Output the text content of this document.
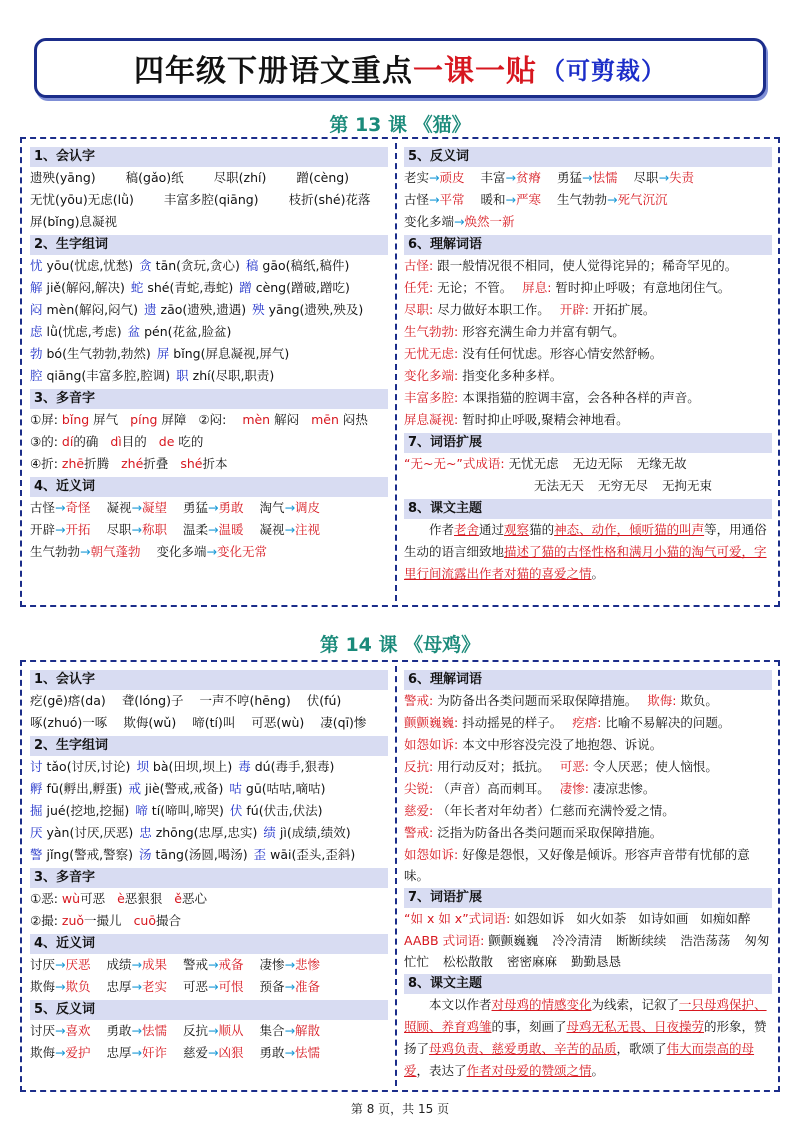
四年级下册语文重点 一课一贴 （可剪裁）
第 13 课 《猫》
1、会认字
遗殃(yāng) 稿(gǎo)纸 尽职(zhí) 蹭(cèng)
无忧(yōu)无虑(lǜ) 丰富多腔(qiāng) 枝折(shé)花落
屏(bǐng)息凝视
2、生字组词
忧 yōu(忧虑,忧愁) 贪 tān(贪玩,贪心) 稿 gāo(稿纸,稿件)
解 jiě(解闷,解决) 蛇 shé(青蛇,毒蛇) 蹭 cèng(蹭破,蹭吃)
闷 mèn(解闷,闷气) 遗 zāo(遗殃,遗遇) 殃 yāng(遗殃,殃及)
虑 lǜ(忧虑,考虑) 盆 pén(花盆,脸盆)
勃 bó(生气勃勃,勃然) 屏 bǐng(屏息凝视,屏气)
腔 qiāng(丰富多腔,腔调) 职 zhí(尽职,职责)
3、多音字
①屏: bǐng 屏气 píng 屏障 ②闷: mèn 解闷 mēn 闷热
③的: dí的确 dì目的 de 吃的
④折: zhē折腾 zhé折叠 shé折本
4、近义词
古怪→奇怪 凝视→凝望 勇猛→勇敢 淘气→调皮
开辟→开拓 尽职→称职 温柔→温暖 凝视→注视
生气勃勃→朝气蓬勃 变化多端→变化无常
5、反义词
老实→顽皮 丰富→贫瘠 勇猛→怯懦 尽职→失责
古怪→平常 暖和→严寒 生气勃勃→死气沉沉
变化多端→焕然一新
6、理解词语
古怪: 跟一般情况很不相同，使人觉得诧异的；稀奇罕见的。
任凭: 无论；不管。 屏息: 暂时抑止呼吸；有意地闭住气。
尽职: 尽力做好本职工作。 开辟: 开拓扩展。
生气勃勃: 形容充满生命力并富有朝气。
无忧无虑: 没有任何忧虑。形容心情安然舒畅。
变化多端: 指变化多种多样。
丰富多腔: 本课指猫的腔调丰富，会各种各样的声音。
屏息凝视: 暂时抑止呼吸,聚精会神地看。
7、词语扩展
“无~无~”式成语: 无忧无虑 无边无际 无缘无故
无法无天 无穷无尽 无拘无束
8、课文主题
作者老舍通过观察猫的神态、动作，倾听猫的叫声等，用通俗生动的语言细致地描述了猫的古怪性格和满月小猫的淘气可爱，字里行间流露出作者对猫的喜爱之情。
第 14 课 《母鸡》
1、会认字
疙(gē)瘩(da) 聋(lóng)子 一声不哼(hēng) 伏(fú)
啄(zhuó)一啄 欺侮(wǔ) 啼(tí)叫 可恶(wù) 凄(qī)惨
2、生字组词
讨 tǎo(讨厌,讨论) 坝 bà(田坝,坝上) 毒 dú(毒手,狠毒)
孵 fū(孵出,孵蛋) 戒 jiè(警戒,戒备) 咕 gū(咕咕,嘀咕)
掘 jué(挖地,挖掘) 啼 tí(啼叫,啼哭) 伏 fú(伏击,伏法)
厌 yàn(讨厌,厌恶) 忠 zhōng(忠厚,忠实) 绩 jì(成绩,绩效)
警 jǐng(警戒,警察) 汤 tāng(汤圆,喝汤) 歪 wāi(歪头,歪斜)
3、多音字
①恶: wù可恶 è恶狠狠 ě恶心
②撮: zuǒ一撮儿 cuō撮合
4、近义词
讨厌→厌恶 成绩→成果 警戒→戒备 凄惨→悲惨
欺侮→欺负 忠厚→老实 可恶→可恨 预备→准备
5、反义词
讨厌→喜欢 勇敢→怯懦 反抗→顺从 集合→解散
欺侮→爱护 忠厚→奸诈 慈爱→凶狠 勇敢→怯懦
6、理解词语
警戒: 为防备出各类问题而采取保障措施。 欺侮: 欺负。
颤颤巍巍: 抖动摇晃的样子。 疙瘩: 比喻不易解决的问题。
如怨如诉: 本文中形容没完没了地抱怨、诉说。
反抗: 用行动反对；抵抗。 可恶: 令人厌恶；使人恼恨。
尖锐: （声音）高而刺耳。 凄惨: 凄凉悲惨。
慈爱: （年长者对年幼者）仁慈而充满怜爱之情。
警戒: 泛指为防备出各类问题而采取保障措施。
如怨如诉: 好像是怨恨，又好像是倾诉。形容声音带有忧郁的意味。
7、词语扩展
“如 x 如 x”式词语: 如怨如诉 如火如荼 如诗如画 如痴如醉
AABB 式词语: 颤颤巍巍 冷冷清清 断断续续 浩浩荡荡 匆匆忙忙 松松散散 密密麻麻 勤勤恳恳
8、课文主题
本文以作者对母鸡的情感变化为线索，记叙了一只母鸡保护、照顾、养育鸡雏的事，刻画了母鸡无私无畏、日夜操劳的形象，赞扬了母鸡负责、慈爱勇敢、辛苦的品质，歌颂了伟大而崇高的母爱，表达了作者对母爱的赞颂之情。
第 8 页，共 15 页
